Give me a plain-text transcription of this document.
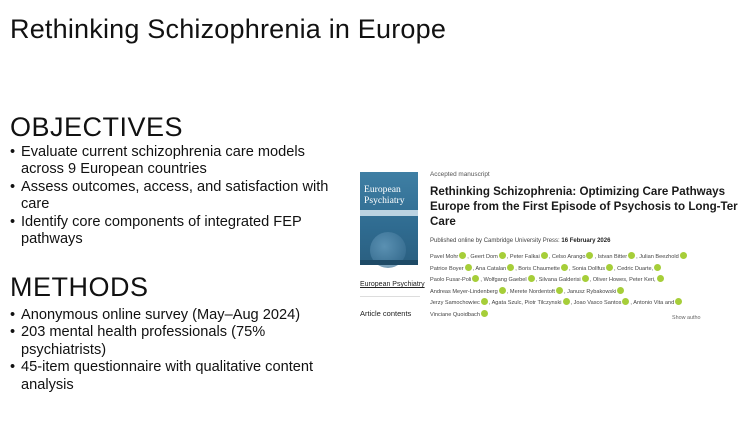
Rethinking Schizophrenia in Europe
OBJECTIVES
• Evaluate current schizophrenia care models across 9 European countries
• Assess outcomes, access, and satisfaction with care
• Identify core components of integrated FEP pathways
METHODS
• Anonymous online survey (May–Aug 2024)
• 203 mental health professionals (75% psychiatrists)
• 45-item questionnaire with qualitative content analysis
European
Psychiatry
European Psychiatry
Article contents
Accepted manuscript
Rethinking Schizophrenia: Optimizing Care Pathways
Europe from the First Episode of Psychosis to Long-Ter
Care
Published online by Cambridge University Press: 16 February 2026
Pavel Mohr , Geert Dom , Peter Falkai , Celso Arango , Istvan Bitter , Julian Beezhold
Patrice Boyer , Ana Catalan , Boris Chaumette , Sonia Dollfus , Cedric Duarte,
Paolo Fusar-Poli , Wolfgang Gaebel , Silvana Galderisi , Oliver Howes, Peter Keri,
Andreas Meyer-Lindenberg , Merete Nordentoft , Janusz Rybakowski
Jerzy Samochowiec , Agata Szulc, Piotr Tilczynski , Joao Vasco Santos , Antonio Vita and
Vinciane Quoidbach
Show autho
